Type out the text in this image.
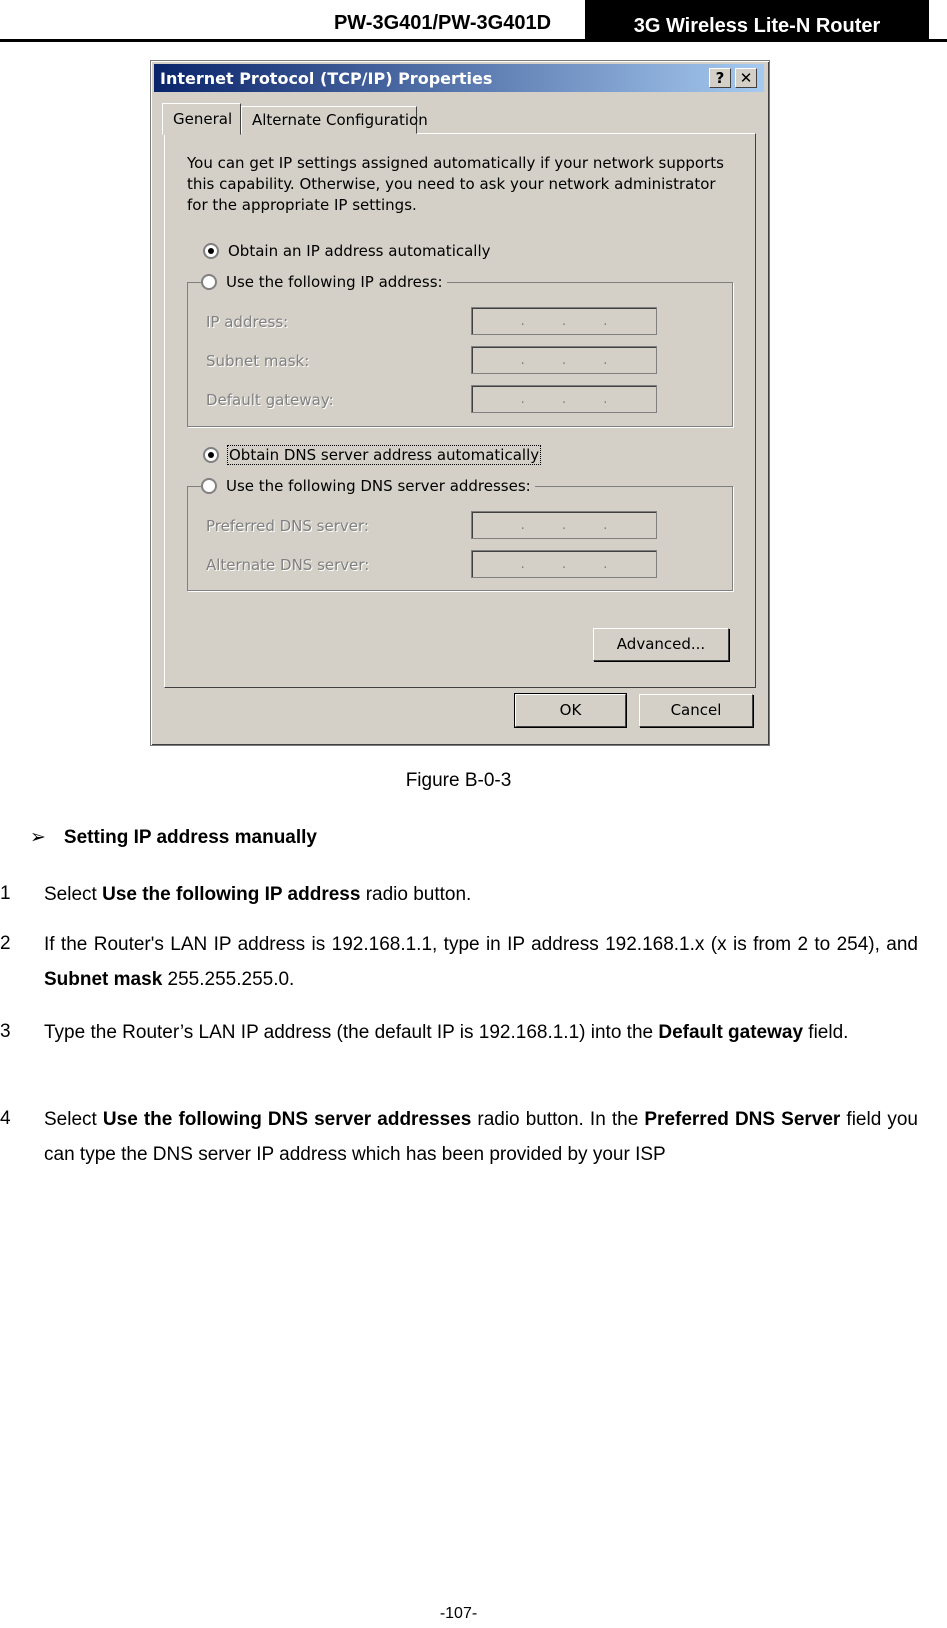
PW-3G401/PW-3G401D	3G Wireless Lite-N Router
Internet Protocol (TCP/IP) Properties	?	✕
General Alternate Configuration
You can get IP settings assigned automatically if your network supports this capability. Otherwise, you need to ask your network administrator for the appropriate IP settings.
Obtain an IP address automatically
Use the following IP address:
IP address:	.	.	.
Subnet mask:	.	.	.
Default gateway:	.	.	.
Obtain DNS server address automatically
Use the following DNS server addresses:
Preferred DNS server:	.	.	.
Alternate DNS server:	.	.	.
Advanced...
OK	Cancel
Figure B-0-3
➢ Setting IP address manually
1 Select Use the following IP address radio button.
2 If the Router's LAN IP address is 192.168.1.1, type in IP address 192.168.1.x (x is from 2 to 254), and Subnet mask 255.255.255.0.
3 Type the Router’s LAN IP address (the default IP is 192.168.1.1) into the Default gateway field.
4 Select Use the following DNS server addresses radio button. In the Preferred DNS Server field you can type the DNS server IP address which has been provided by your ISP
-107-
